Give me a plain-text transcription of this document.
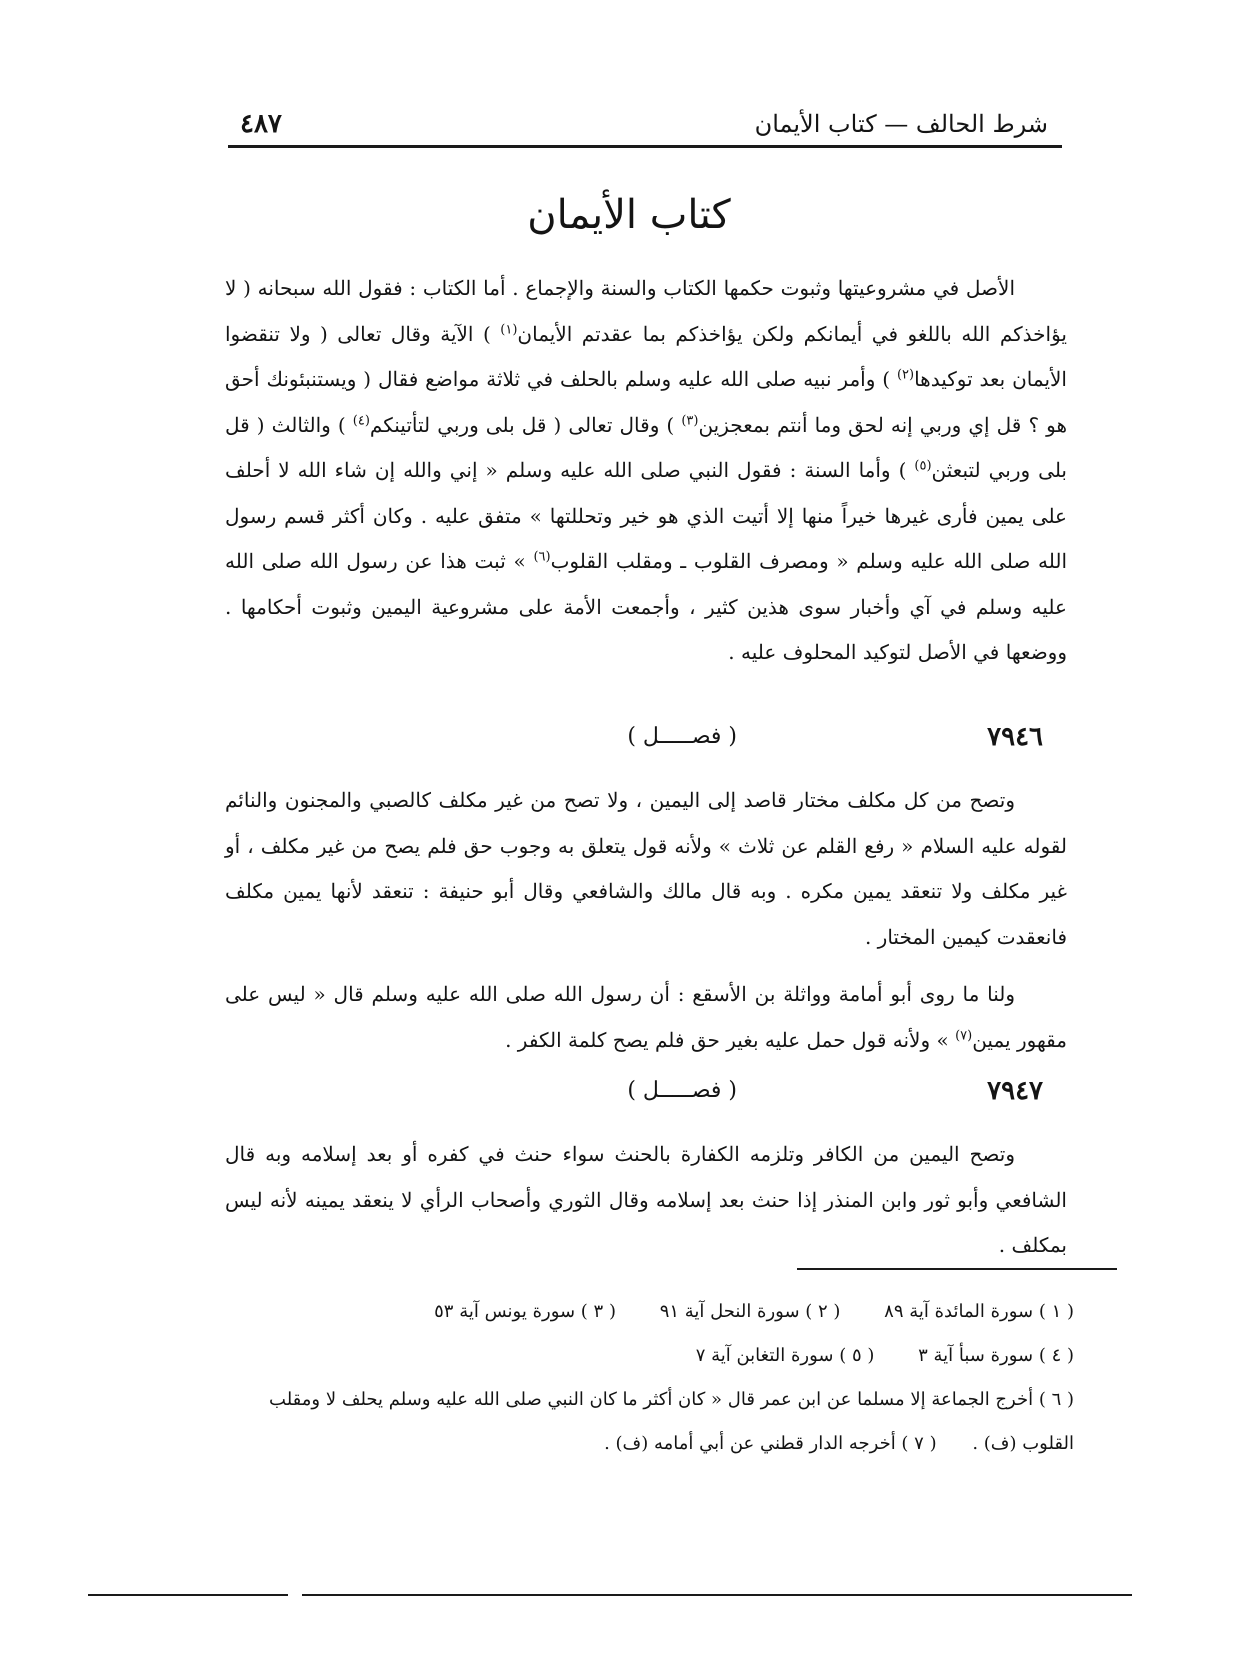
٤٨٧	شرط الحالف — كتاب الأيمان
كتاب الأيمان

الأصل في مشروعيتها وثبوت حكمها الكتاب والسنة والإجماع . أما الكتاب : فقول الله سبحانه ( لا يؤاخذكم الله باللغو في أيمانكم ولكن يؤاخذكم بما عقدتم الأيمان$^{(١)}$ ) الآية وقال تعالى ( ولا تنقضوا الأيمان بعد توكيدها$^{(٢)}$ ) وأمر نبيه صلى الله عليه وسلم بالحلف في ثلاثة مواضع فقال ( ويستنبئونك أحق هو ؟ قل إي وربي إنه لحق وما أنتم بمعجزين$^{(٣)}$ ) وقال تعالى ( قل بلى وربي لتأتينكم$^{(٤)}$ ) والثالث ( قل بلى وربي لتبعثن$^{(٥)}$ ) وأما السنة : فقول النبي صلى الله عليه وسلم « إني والله إن شاء الله لا أحلف على يمين فأرى غيرها خيراً منها إلا أتيت الذي هو خير وتحللتها » متفق عليه . وكان أكثر قسم رسول الله صلى الله عليه وسلم « ومصرف القلوب ـ ومقلب القلوب$^{(٦)}$ » ثبت هذا عن رسول الله صلى الله عليه وسلم في آي وأخبار سوى هذين كثير ، وأجمعت الأمة على مشروعية اليمين وثبوت أحكامها . ووضعها في الأصل لتوكيد المحلوف عليه .

٧٩٤٦
( فصـــــل )

وتصح من كل مكلف مختار قاصد إلى اليمين ، ولا تصح من غير مكلف كالصبي والمجنون والنائم لقوله عليه السلام « رفع القلم عن ثلاث » ولأنه قول يتعلق به وجوب حق فلم يصح من غير مكلف ، أو غير مكلف ولا تنعقد يمين مكره . وبه قال مالك والشافعي وقال أبو حنيفة : تنعقد لأنها يمين مكلف فانعقدت كيمين المختار .

ولنا ما روى أبو أمامة وواثلة بن الأسقع : أن رسول الله صلى الله عليه وسلم قال « ليس على مقهور يمين$^{(٧)}$ » ولأنه قول حمل عليه بغير حق فلم يصح كلمة الكفر .

٧٩٤٧
( فصـــــل )

وتصح اليمين من الكافر وتلزمه الكفارة بالحنث سواء حنث في كفره أو بعد إسلامه وبه قال الشافعي وأبو ثور وابن المنذر إذا حنث بعد إسلامه وقال الثوري وأصحاب الرأي لا ينعقد يمينه لأنه ليس بمكلف .

( ١ ) سورة المائدة آية ٨٩ ( ٢ ) سورة النحل آية ٩١ ( ٣ ) سورة يونس آية ٥٣
( ٤ ) سورة سبأ آية ٣ ( ٥ ) سورة التغابن آية ٧
( ٦ ) أخرج الجماعة إلا مسلما عن ابن عمر قال « كان أكثر ما كان النبي صلى الله عليه وسلم يحلف لا ومقلب القلوب (ف) . ( ٧ ) أخرجه الدار قطني عن أبي أمامه (ف) .
